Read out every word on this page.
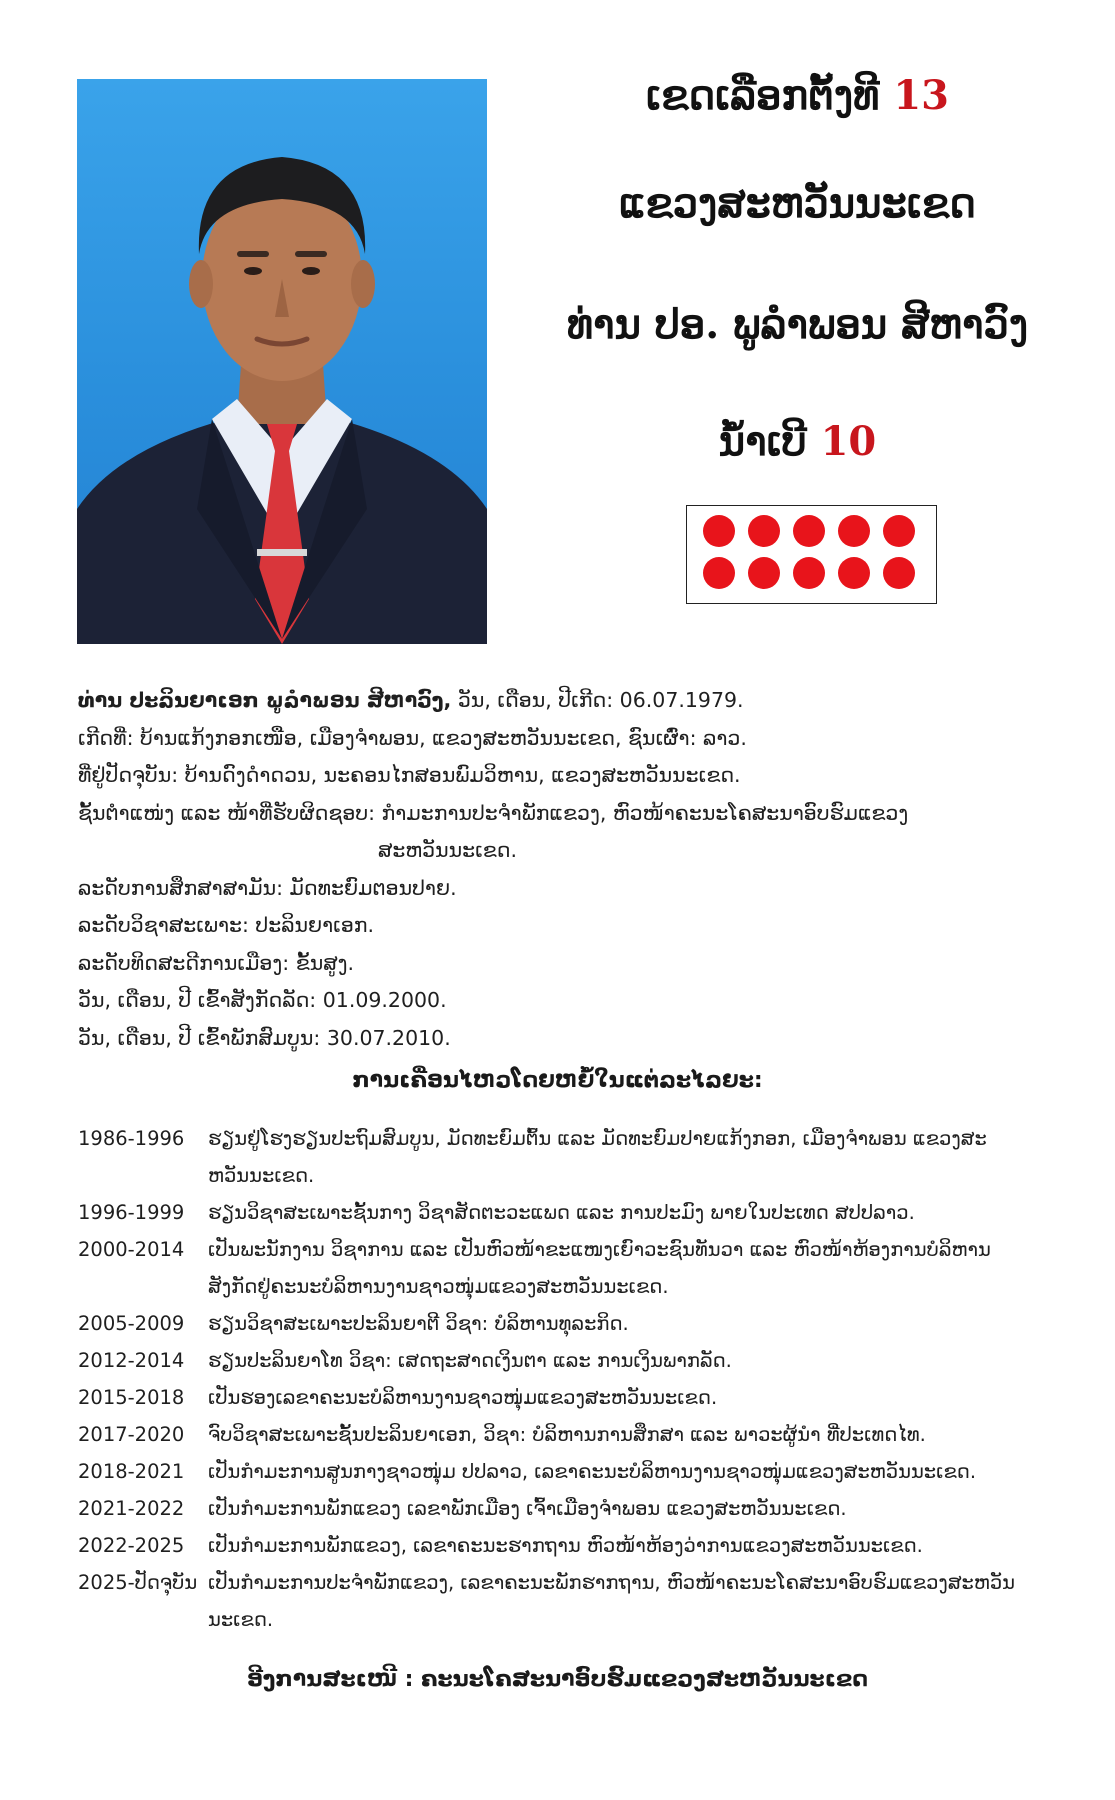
ເຂດເລືອກຕັ້ງທີ 13
ແຂວງສະຫວັນນະເຂດ
ທ່ານ ປອ. ພູລຳພອນ ສີຫາວົງ
ນ້ຳເບີ 10
ທ່ານ ປະລິນຍາເອກ ພູລຳພອນ ສີຫາວົງ, ວັນ, ເດືອນ, ປີເກີດ: 06.07.1979.
ເກີດທີ່: ບ້ານແກ້ງກອກເໜືອ, ເມືອງຈຳພອນ, ແຂວງສະຫວັນນະເຂດ, ຊົນເຜົ່າ: ລາວ.
ທີ່ຢູ່ປັດຈຸບັນ: ບ້ານດົງດຳດວນ, ນະຄອນໄກສອນພົມວິຫານ, ແຂວງສະຫວັນນະເຂດ.
ຊັ້ນຕຳແໜ່ງ ແລະ ໜ້າທີ່ຮັບຜິດຊອບ: ກຳມະການປະຈຳພັກແຂວງ, ຫົວໜ້າຄະນະໂຄສະນາອົບຮົມແຂວງ
ສະຫວັນນະເຂດ.
ລະດັບການສຶກສາສາມັນ: ມັດທະຍົມຕອນປາຍ.
ລະດັບວິຊາສະເພາະ: ປະລິນຍາເອກ.
ລະດັບທິດສະດີການເມືອງ: ຂັ້ນສູງ.
ວັນ, ເດືອນ, ປີ ເຂົ້າສັງກັດລັດ: 01.09.2000.
ວັນ, ເດືອນ, ປີ ເຂົ້າພັກສົມບູນ: 30.07.2010.
ການເຄື່ອນໄຫວໂດຍຫຍໍ້ໃນແຕ່ລະໄລຍະ:
1986-1996	ຮຽນຢູ່ໂຮງຮຽນປະຖົມສົມບູນ, ມັດທະຍົມຕົ້ນ ແລະ ມັດທະຍົມປາຍແກ້ງກອກ, ເມືອງຈຳພອນ ແຂວງສະ
ຫວັນນະເຂດ.
1996-1999	ຮຽນວິຊາສະເພາະຊັ້ນກາງ ວິຊາສັດຕະວະແພດ ແລະ ການປະມົງ ພາຍໃນປະເທດ ສປປລາວ.
2000-2014	ເປັນພະນັກງານ ວິຊາການ ແລະ ເປັນຫົວໜ້າຂະແໜງເຍົາວະຊົນທັນວາ ແລະ ຫົວໜ້າຫ້ອງການບໍລິຫານ
ສັງກັດຢູ່ຄະນະບໍລິຫານງານຊາວໜຸ່ມແຂວງສະຫວັນນະເຂດ.
2005-2009	ຮຽນວິຊາສະເພາະປະລິນຍາຕີ ວິຊາ: ບໍລິຫານທຸລະກິດ.
2012-2014	ຮຽນປະລິນຍາໂທ ວິຊາ: ເສດຖະສາດເງິນຕາ ແລະ ການເງິນພາກລັດ.
2015-2018	ເປັນຮອງເລຂາຄະນະບໍລິຫານງານຊາວໜຸ່ມແຂວງສະຫວັນນະເຂດ.
2017-2020	ຈົບວິຊາສະເພາະຊັ້ນປະລິນຍາເອກ, ວິຊາ: ບໍລິຫານການສຶກສາ ແລະ ພາວະຜູ້ນຳ ທີ່ປະເທດໄທ.
2018-2021	ເປັນກຳມະການສູນກາງຊາວໜຸ່ມ ປປລາວ, ເລຂາຄະນະບໍລິຫານງານຊາວໜຸ່ມແຂວງສະຫວັນນະເຂດ.
2021-2022	ເປັນກຳມະການພັກແຂວງ ເລຂາພັກເມືອງ ເຈົ້າເມືອງຈຳພອນ ແຂວງສະຫວັນນະເຂດ.
2022-2025	ເປັນກຳມະການພັກແຂວງ, ເລຂາຄະນະຮາກຖານ ຫົວໜ້າຫ້ອງວ່າການແຂວງສະຫວັນນະເຂດ.
2025-ປັດຈຸບັນ ເປັນກຳມະການປະຈຳພັກແຂວງ, ເລຂາຄະນະພັກຮາກຖານ, ຫົວໜ້າຄະນະໂຄສະນາອົບຮົມແຂວງສະຫວັນ
ນະເຂດ.
ອີງການສະເໜີ : ຄະນະໂຄສະນາອົບຮົມແຂວງສະຫວັນນະເຂດ
